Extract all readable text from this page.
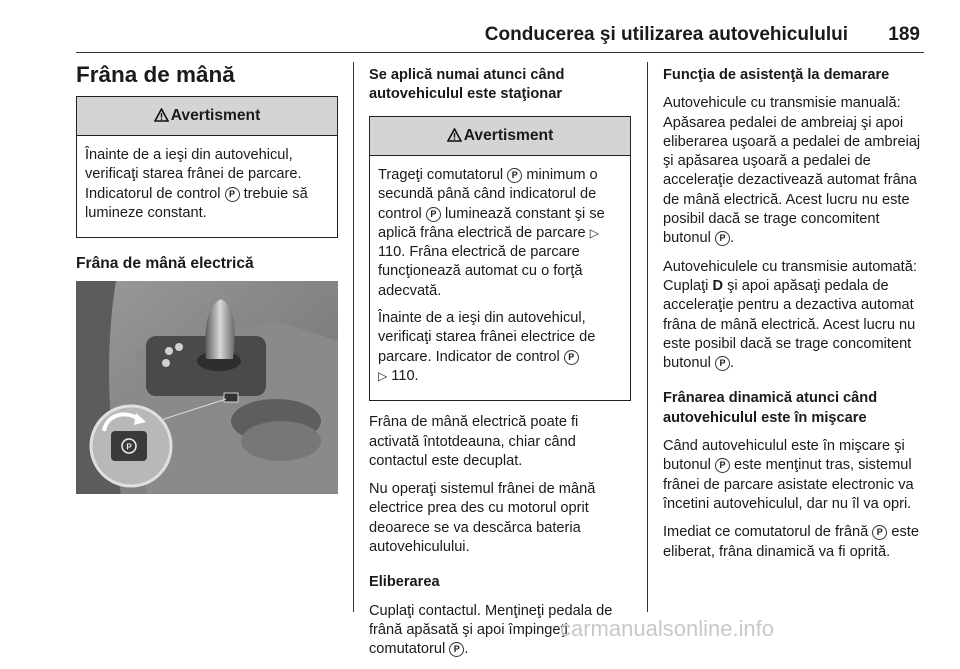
Conducerea şi utilizarea autovehiculului 189
Frâna de mână
Avertisment

Înainte de a ieşi din autovehicul, verificaţi starea frânei de parcare. Indicatorul de control P trebuie să lumineze constant.

Frâna de mână electrică
P
Se aplică numai atunci când autovehiculul este staţionar
Avertisment

Trageţi comutatorul P minimum o secundă până când indicatorul de control P luminează constant şi se aplică frâna electrică de parcare ▷ 110. Frâna electrică de parcare funcţionează automat cu o forţă adecvată.

Înainte de a ieşi din autovehicul, verificaţi starea frânei electrice de parcare. Indicator de control P
▷ 110.

Frâna de mână electrică poate fi activată întotdeauna, chiar când contactul este decuplat.

Nu operaţi sistemul frânei de mână electrice prea des cu motorul oprit deoarece se va descărca bateria autovehiculului.

Eliberarea

Cuplaţi contactul. Menţineţi pedala de frână apăsată şi apoi împingeţi comutatorul P .

Funcţia de asistenţă la demarare

Autovehicule cu transmisie manuală: Apăsarea pedalei de ambreiaj şi apoi eliberarea uşoară a pedalei de ambreiaj şi apăsarea uşoară a pedalei de acceleraţie dezactivează automat frâna de mână electrică. Acest lucru nu este posibil dacă se trage concomitent butonul P .

Autovehiculele cu transmisie automată: Cuplaţi D şi apoi apăsaţi pedala de acceleraţie pentru a dezactiva automat frâna de mână electrică. Acest lucru nu este posibil dacă se trage concomitent butonul P .

Frânarea dinamică atunci când autovehiculul este în mişcare

Când autovehiculul este în mişcare şi butonul P este menţinut tras, sistemul frânei de parcare asistate electronic va încetini autovehiculul, dar nu îl va opri.

Imediat ce comutatorul de frână P este eliberat, frâna dinamică va fi oprită.

carmanualsonline.info
